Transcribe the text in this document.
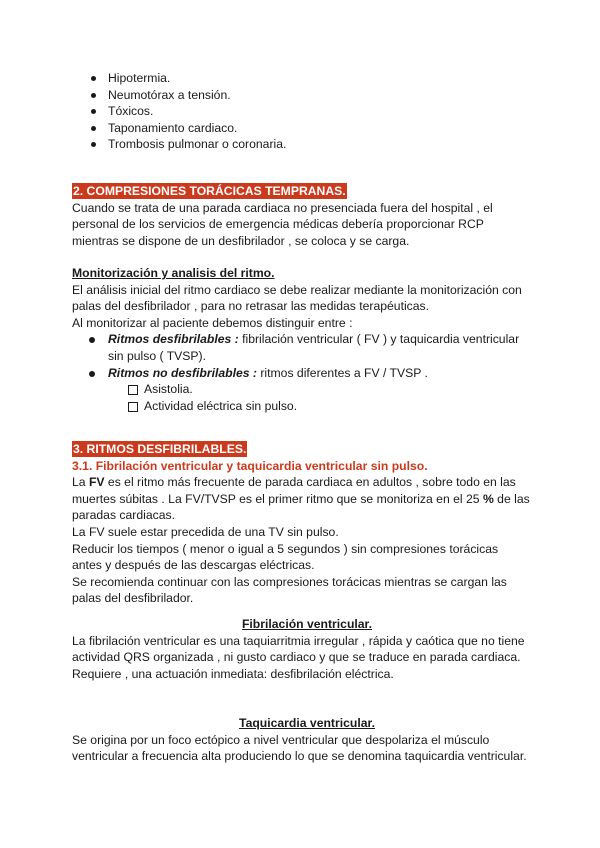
Hipotermia.
Neumotórax a tensión.
Tóxicos.
Taponamiento cardiaco.
Trombosis pulmonar o coronaria.

2. COMPRESIONES TORÁCICAS TEMPRANAS.

Cuando se trata de una parada cardiaca no presenciada fuera del hospital , el

personal de los servicios de emergencia médicas debería proporcionar RCP

mientras se dispone de un desfibrilador , se coloca y se carga.

Monitorización y analisis del ritmo.

El análisis inicial del ritmo cardiaco se debe realizar mediante la monitorización con

palas del desfibrilador , para no retrasar las medidas terapéuticas.

Al monitorizar al paciente debemos distinguir entre :

Ritmos desfibrilables : fibrilación ventricular ( FV ) y taquicardia ventricular
sin pulso ( TVSP).
Ritmos no desfibrilables : ritmos diferentes a FV / TVSP .
Asistolia.
Actividad eléctrica sin pulso.

3. RITMOS DESFIBRILABLES.

3.1. Fibrilación ventricular y taquicardia ventricular sin pulso.

La FV es el ritmo más frecuente de parada cardiaca en adultos , sobre todo en las

muertes súbitas . La FV/TVSP es el primer ritmo que se monitoriza en el 25 % de las

paradas cardiacas.

La FV suele estar precedida de una TV sin pulso.

Reducir los tiempos ( menor o igual a 5 segundos ) sin compresiones torácicas

antes y después de las descargas eléctricas.

Se recomienda continuar con las compresiones torácicas mientras se cargan las

palas del desfibrilador.

Fibrilación ventricular.

La fibrilación ventricular es una taquiarritmia irregular , rápida y caótica que no tiene

actividad QRS organizada , ni gusto cardiaco y que se traduce en parada cardiaca.

Requiere , una actuación inmediata: desfibrilación eléctrica.

Taquicardia ventricular.

Se origina por un foco ectópico a nivel ventricular que despolariza el músculo

ventricular a frecuencia alta produciendo lo que se denomina taquicardia ventricular.
